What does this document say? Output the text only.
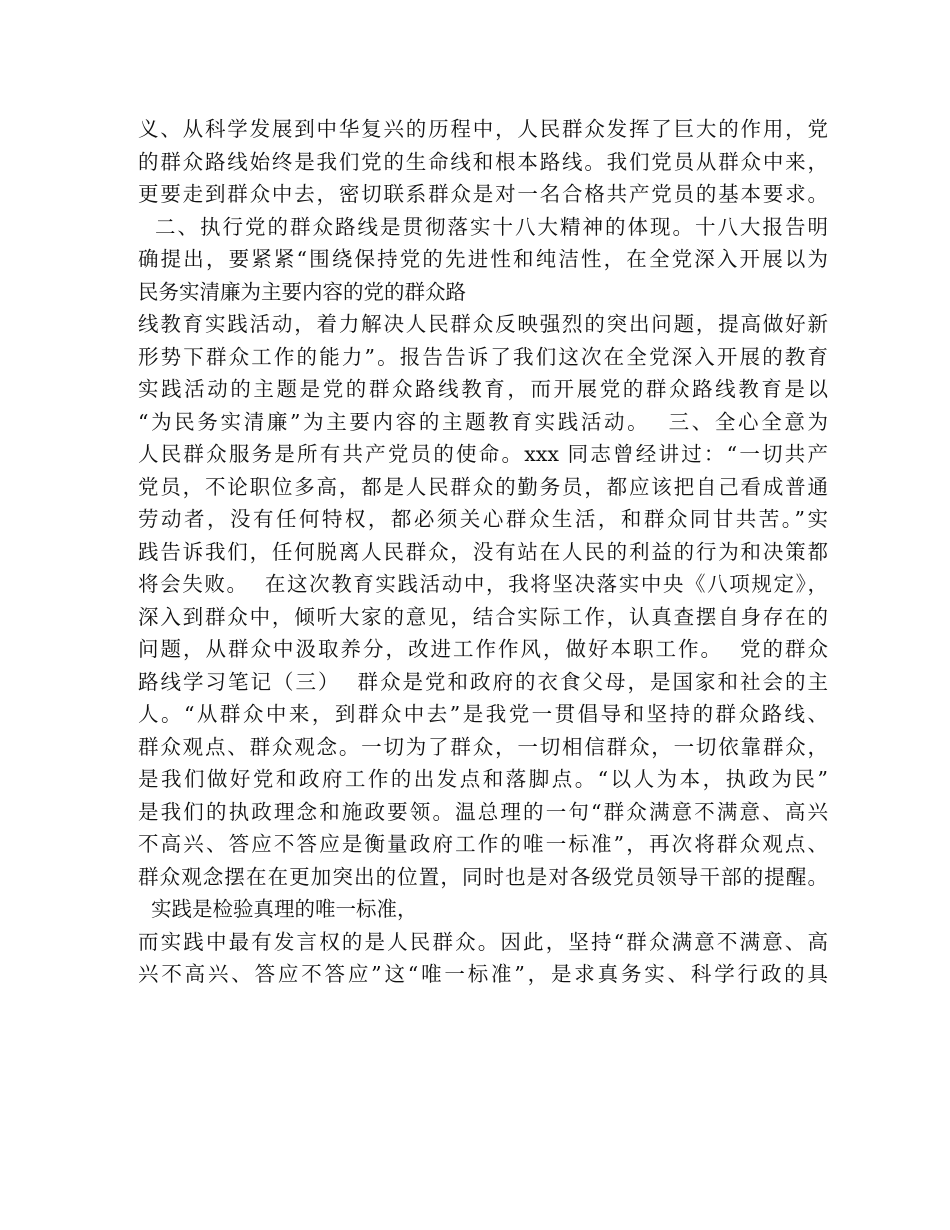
义、从科学发展到中华复兴的历程中，人民群众发挥了巨大的作用，党
的群众路线始终是我们党的生命线和根本路线。我们党员从群众中来，
更要走到群众中去，密切联系群众是对一名合格共产党员的基本要求。
二、执行党的群众路线是贯彻落实十八大精神的体现。十八大报告明
确提出，要紧紧“围绕保持党的先进性和纯洁性，在全党深入开展以为
民务实清廉为主要内容的党的群众路
线教育实践活动，着力解决人民群众反映强烈的突出问题，提高做好新
形势下群众工作的能力”。报告告诉了我们这次在全党深入开展的教育
实践活动的主题是党的群众路线教育，而开展党的群众路线教育是以
“为民务实清廉”为主要内容的主题教育实践活动。  三、全心全意为
人民群众服务是所有共产党员的使命。xxx 同志曾经讲过：“一切共产
党员，不论职位多高，都是人民群众的勤务员，都应该把自己看成普通
劳动者，没有任何特权，都必须关心群众生活，和群众同甘共苦。”实
践告诉我们，任何脱离人民群众，没有站在人民的利益的行为和决策都
将会失败。  在这次教育实践活动中，我将坚决落实中央《八项规定》，
深入到群众中，倾听大家的意见，结合实际工作，认真查摆自身存在的
问题，从群众中汲取养分，改进工作作风，做好本职工作。  党的群众
路线学习笔记（三）  群众是党和政府的衣食父母，是国家和社会的主
人。“从群众中来，到群众中去”是我党一贯倡导和坚持的群众路线、
群众观点、群众观念。一切为了群众，一切相信群众，一切依靠群众，
是我们做好党和政府工作的出发点和落脚点。“以人为本，执政为民”
是我们的执政理念和施政要领。温总理的一句“群众满意不满意、高兴
不高兴、答应不答应是衡量政府工作的唯一标准”，再次将群众观点、
群众观念摆在在更加突出的位置，同时也是对各级党员领导干部的提醒。
实践是检验真理的唯一标准，
而实践中最有发言权的是人民群众。因此，坚持“群众满意不满意、高
兴不高兴、答应不答应”这“唯一标准”，是求真务实、科学行政的具
